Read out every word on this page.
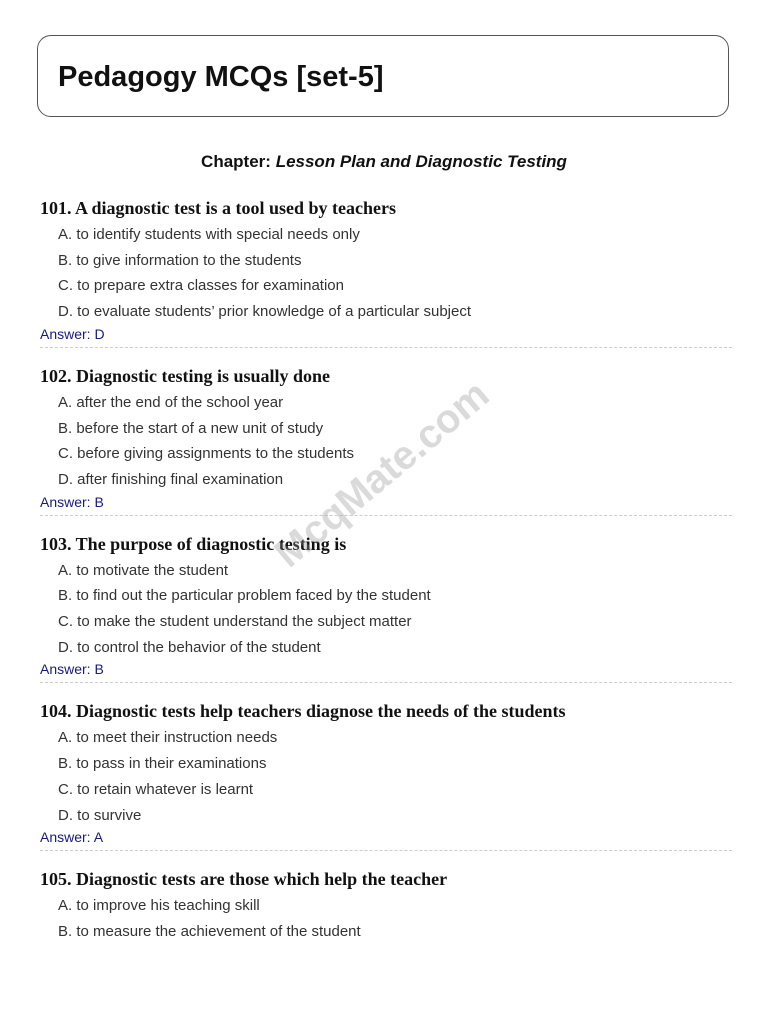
Pedagogy MCQs [set-5]
Chapter: Lesson Plan and Diagnostic Testing
101. A diagnostic test is a tool used by teachers
A. to identify students with special needs only
B. to give information to the students
C. to prepare extra classes for examination
D. to evaluate students’ prior knowledge of a particular subject
Answer: D
102. Diagnostic testing is usually done
A. after the end of the school year
B. before the start of a new unit of study
C. before giving assignments to the students
D. after finishing final examination
Answer: B
103. The purpose of diagnostic testing is
A. to motivate the student
B. to find out the particular problem faced by the student
C. to make the student understand the subject matter
D. to control the behavior of the student
Answer: B
104. Diagnostic tests help teachers diagnose the needs of the students
A. to meet their instruction needs
B. to pass in their examinations
C. to retain whatever is learnt
D. to survive
Answer: A
105. Diagnostic tests are those which help the teacher
A. to improve his teaching skill
B. to measure the achievement of the student
McqMate.com
